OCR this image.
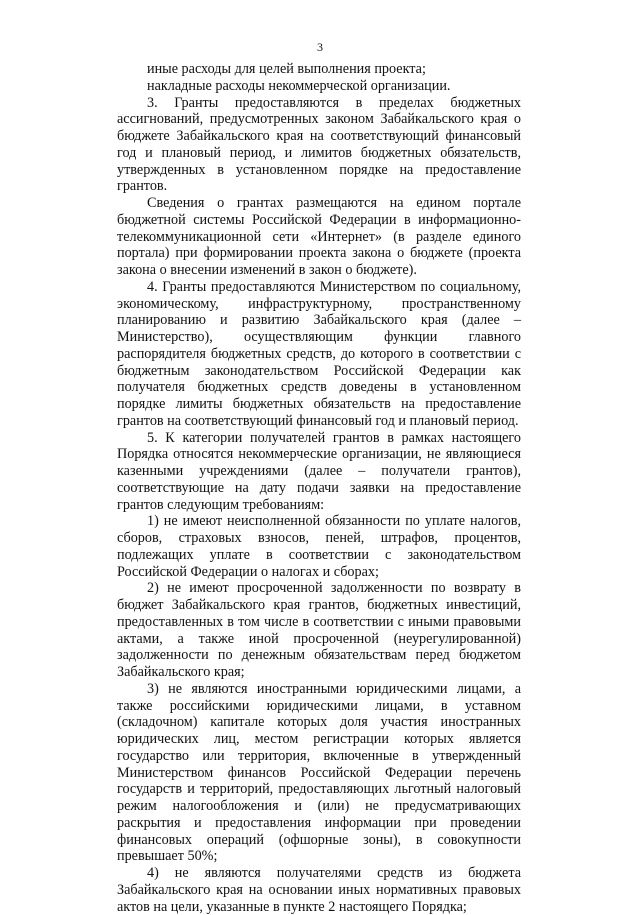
3

иные расходы для целей выполнения проекта;

накладные расходы некоммерческой организации.

3. Гранты предоставляются в пределах бюджетных ассигнований, предусмотренных законом Забайкальского края о бюджете Забайкальского края на соответствующий финансовый год и плановый период, и лимитов бюджетных обязательств, утвержденных в установленном порядке на предоставление грантов.

Сведения о грантах размещаются на едином портале бюджетной системы Российской Федерации в информационно-телекоммуникационной сети «Интернет» (в разделе единого портала) при формировании проекта закона о бюджете (проекта закона о внесении изменений в закон о бюджете).

4. Гранты предоставляются Министерством по социальному, экономическому, инфраструктурному, пространственному планированию и развитию Забайкальского края (далее – Министерство), осуществляющим функции главного распорядителя бюджетных средств, до которого в соответствии с бюджетным законодательством Российской Федерации как получателя бюджетных средств доведены в установленном порядке лимиты бюджетных обязательств на предоставление грантов на соответствующий финансовый год и плановый период.

5. К категории получателей грантов в рамках настоящего Порядка относятся некоммерческие организации, не являющиеся казенными учреждениями (далее – получатели грантов), соответствующие на дату подачи заявки на предоставление грантов следующим требованиям:

1) не имеют неисполненной обязанности по уплате налогов, сборов, страховых взносов, пеней, штрафов, процентов, подлежащих уплате в соответствии с законодательством Российской Федерации о налогах и сборах;

2) не имеют просроченной задолженности по возврату в бюджет Забайкальского края грантов, бюджетных инвестиций, предоставленных в том числе в соответствии с иными правовыми актами, а также иной просроченной (неурегулированной) задолженности по денежным обязательствам перед бюджетом Забайкальского края;

3) не являются иностранными юридическими лицами, а также российскими юридическими лицами, в уставном (складочном) капитале которых доля участия иностранных юридических лиц, местом регистрации которых является государство или территория, включенные в утвержденный Министерством финансов Российской Федерации перечень государств и территорий, предоставляющих льготный налоговый режим налогообложения и (или) не предусматривающих раскрытия и предоставления информации при проведении финансовых операций (офшорные зоны), в совокупности превышает 50%;

4) не являются получателями средств из бюджета Забайкальского края на основании иных нормативных правовых актов на цели, указанные в пункте 2 настоящего Порядка;
